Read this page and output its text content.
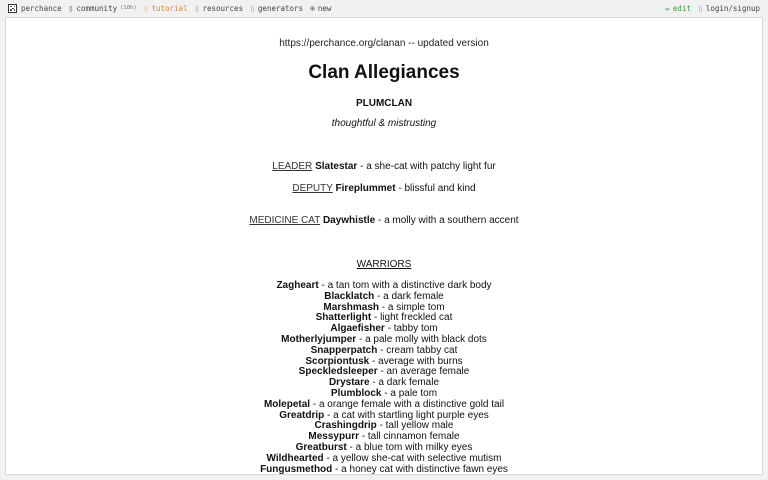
perchance ▯ community (10h) ▯ tutorial ▯ resources ▯ generators ⊕ new	✏ edit ▯ login/signup
https://perchance.org/clanan -- updated version
Clan Allegiances
PLUMCLAN
thoughtful & mistrusting
LEADER Slatestar - a she-cat with patchy light fur
DEPUTY Fireplummet - blissful and kind
MEDICINE CAT Daywhistle - a molly with a southern accent
WARRIORS
Zagheart - a tan tom with a distinctive dark body
Blacklatch - a dark female
Marshmash - a simple tom
Shatterlight - light freckled cat
Algaefisher - tabby tom
Motherlyjumper - a pale molly with black dots
Snapperpatch - cream tabby cat
Scorpiontusk - average with burns
Speckledsleeper - an average female
Drystare - a dark female
Plumblock - a pale tom
Molepetal - a orange female with a distinctive gold tail
Greatdrip - a cat with startling light purple eyes
Crashingdrip - tall yellow male
Messypurr - tall cinnamon female
Greatburst - a blue tom with milky eyes
Wildhearted - a yellow she-cat with selective mutism
Fungusmethod - a honey cat with distinctive fawn eyes
